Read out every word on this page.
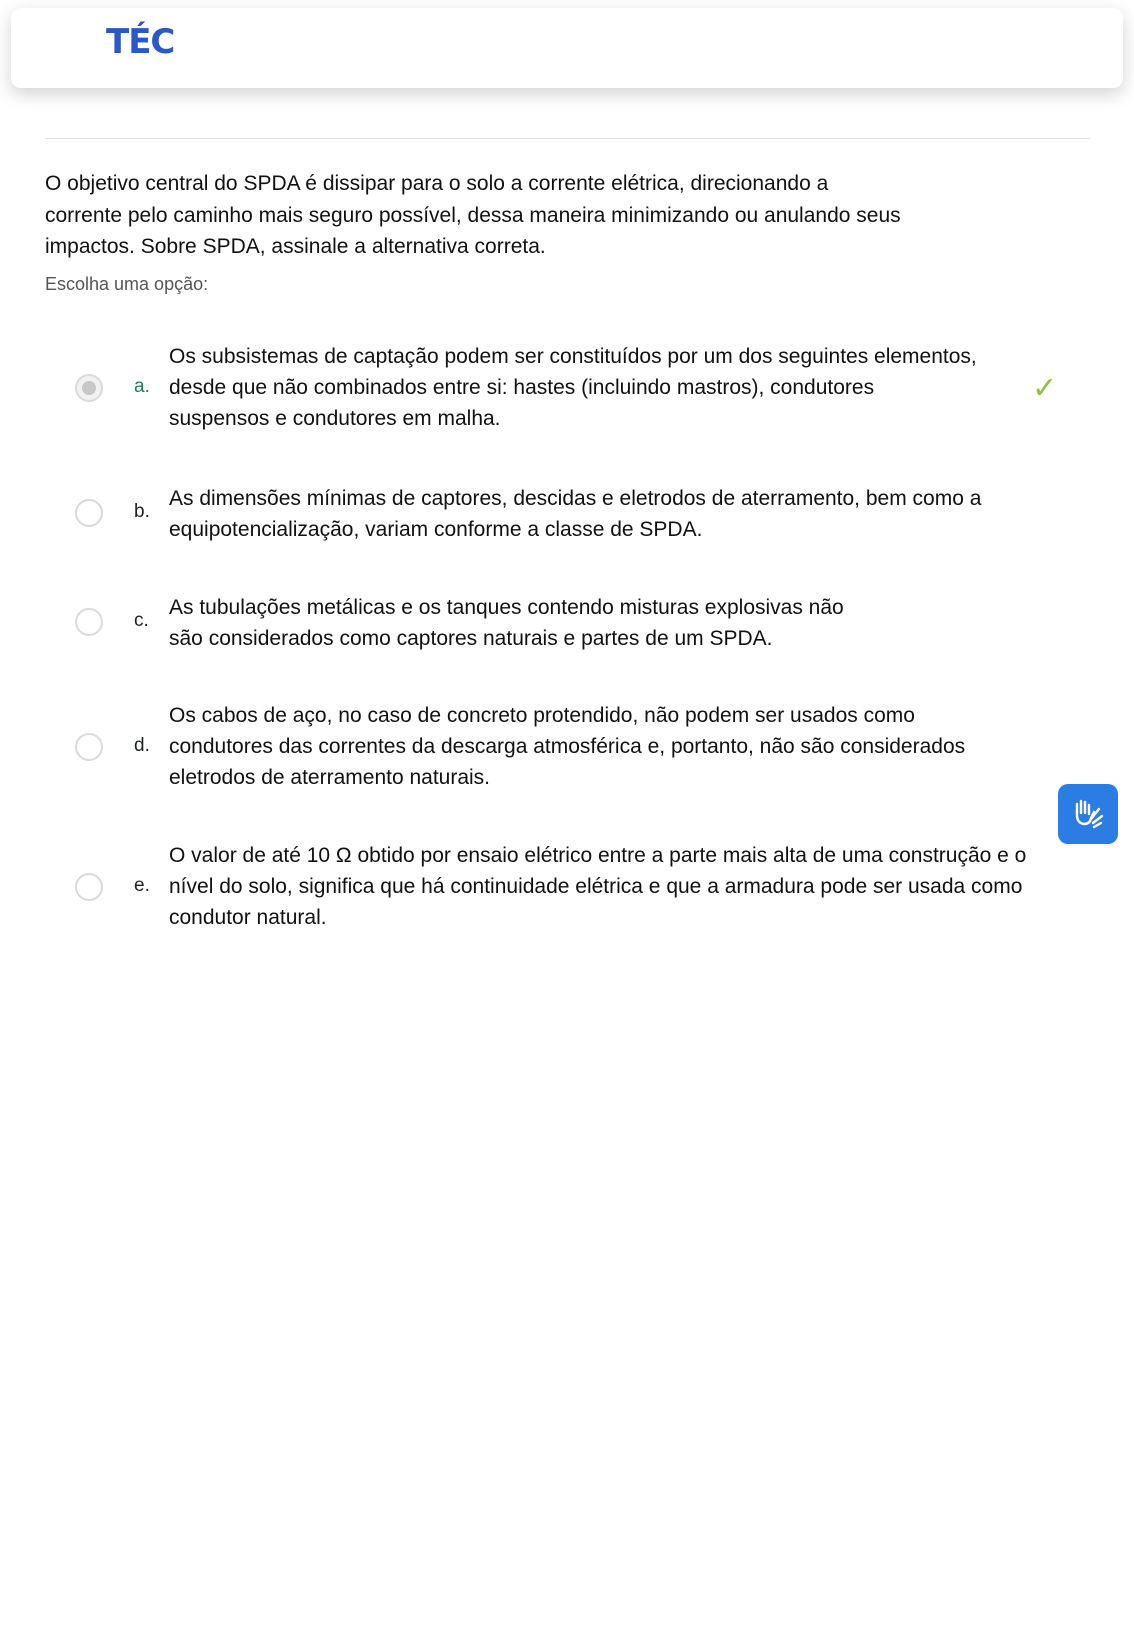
TÉC

O objetivo central do SPDA é dissipar para o solo a corrente elétrica, direcionando a

corrente pelo caminho mais seguro possível, dessa maneira minimizando ou anulando seus

impactos. Sobre SPDA, assinale a alternativa correta.

Escolha uma opção:
a.
Os subsistemas de captação podem ser constituídos por um dos seguintes elementos,
desde que não combinados entre si: hastes (incluindo mastros), condutores
suspensos e condutores em malha.
✓
b.
As dimensões mínimas de captores, descidas e eletrodos de aterramento, bem como a
equipotencialização, variam conforme a classe de SPDA.
c.
As tubulações metálicas e os tanques contendo misturas explosivas não
são considerados como captores naturais e partes de um SPDA.
d.
Os cabos de aço, no caso de concreto protendido, não podem ser usados como
condutores das correntes da descarga atmosférica e, portanto, não são considerados
eletrodos de aterramento naturais.
e.
O valor de até 10 Ω obtido por ensaio elétrico entre a parte mais alta de uma construção e o
nível do solo, significa que há continuidade elétrica e que a armadura pode ser usada como
condutor natural.
